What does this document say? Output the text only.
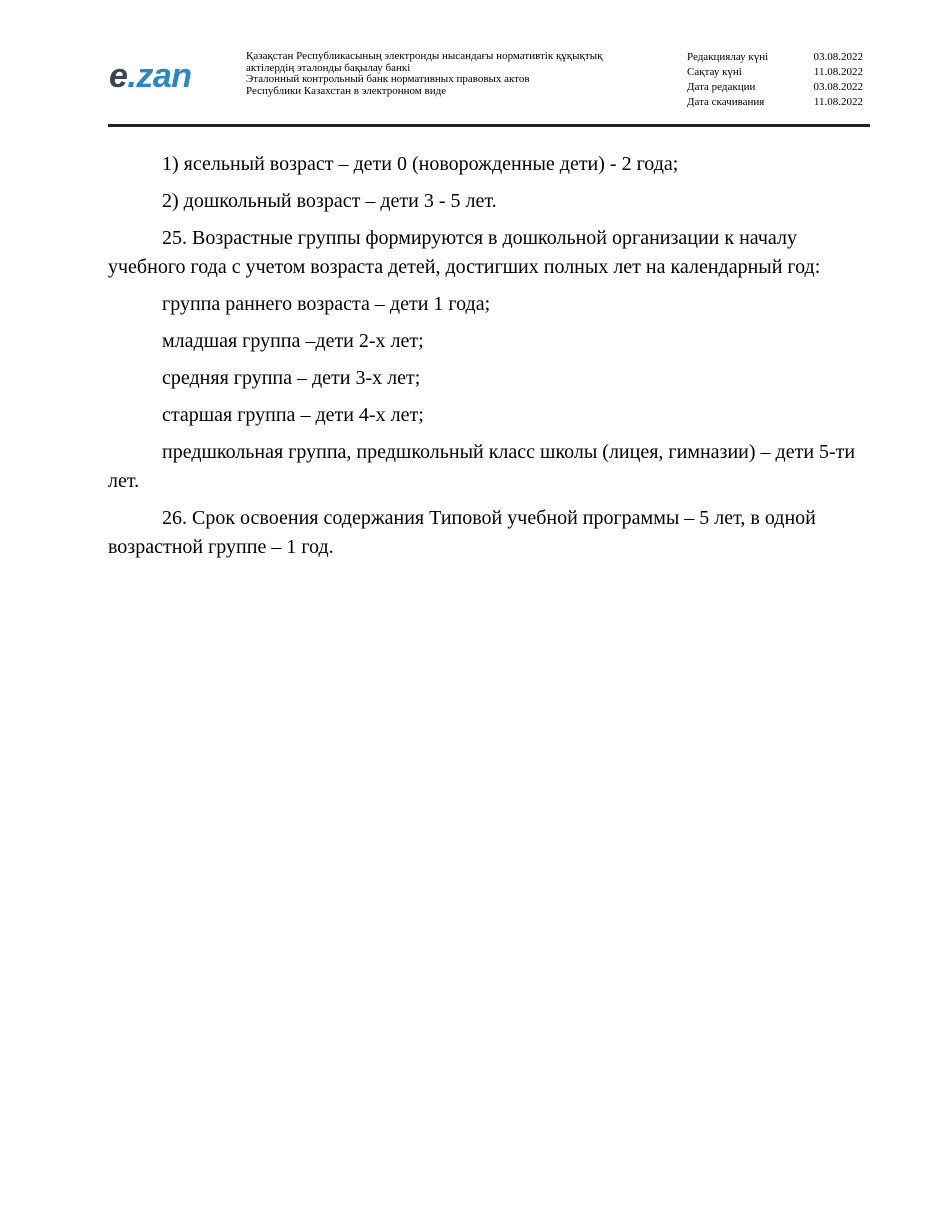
e.zan
Қазақстан Республикасының электронды нысандағы нормативтік құқықтық
актілердің эталонды бақылау банкі
Эталонный контрольный банк нормативных правовых актов
Республики Казахстан в электронном виде
Редакциялау күні	03.08.2022
Сақтау күні	11.08.2022
Дата редакции	03.08.2022
Дата скачивания	11.08.2022

1) ясельный возраст – дети 0 (новорожденные дети) - 2 года;

2) дошкольный возраст – дети 3 - 5 лет.

25. Возрастные группы формируются в дошкольной организации к началу учебного года с учетом возраста детей, достигших полных лет на календарный год:

группа раннего возраста – дети 1 года;

младшая группа –дети 2-х лет;

средняя группа – дети 3-х лет;

старшая группа – дети 4-х лет;

предшкольная группа, предшкольный класс школы (лицея, гимназии) – дети 5-ти лет.

26. Срок освоения содержания Типовой учебной программы – 5 лет, в одной возрастной группе – 1 год.
